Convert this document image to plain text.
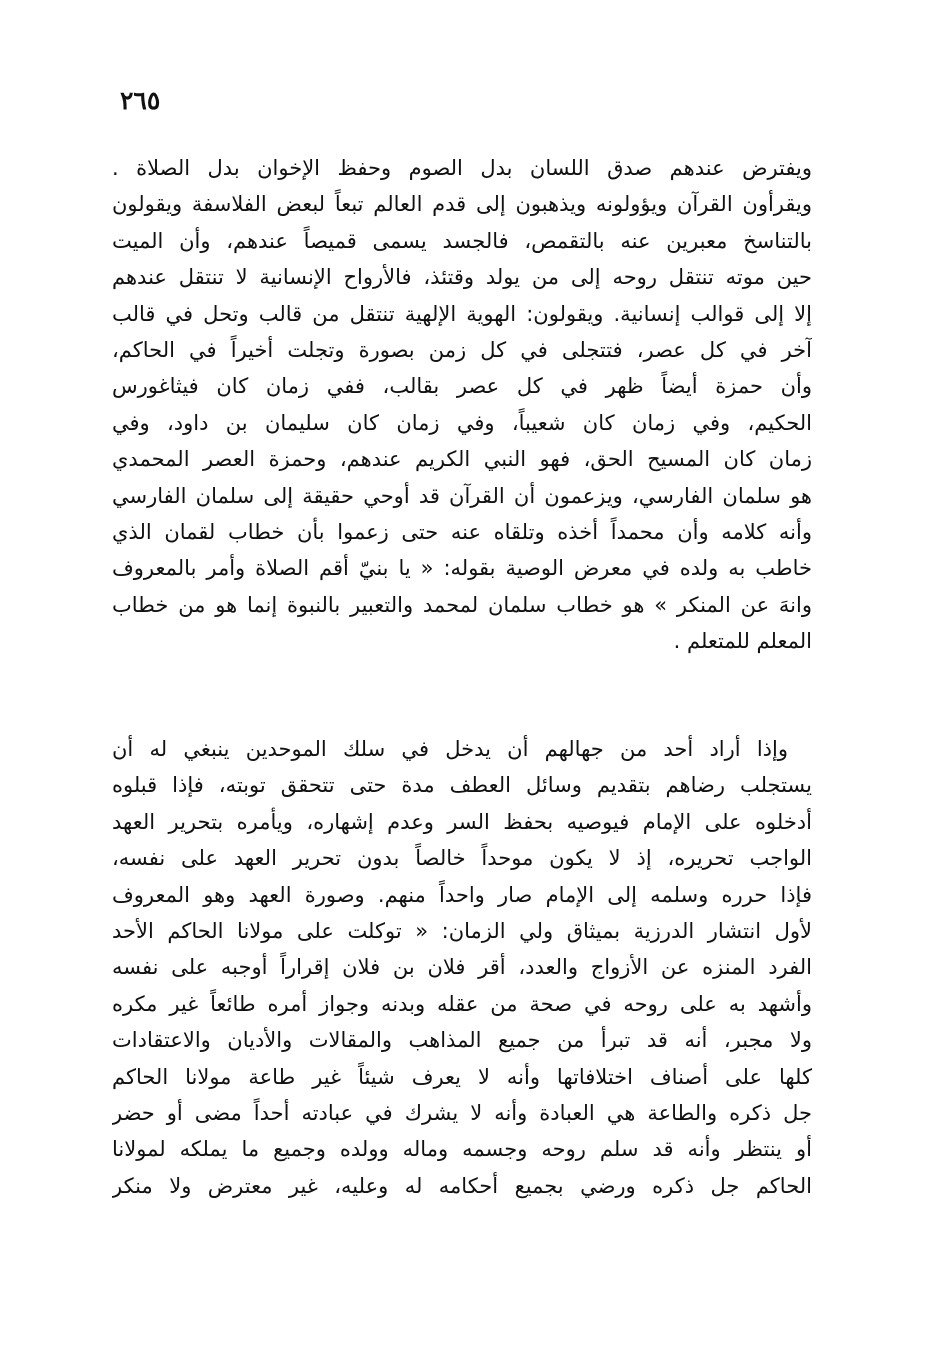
٢٦٥
ويفترض عندهم صدق اللسان بدل الصوم وحفظ الإخوان بدل الصلاة .
ويقرأون القرآن ويؤولونه ويذهبون إلى قدم العالم تبعاً لبعض الفلاسفة ويقولون
بالتناسخ معبرين عنه بالتقمص، فالجسد يسمى قميصاً عندهم، وأن الميت
حين موته تنتقل روحه إلى من يولد وقتئذ، فالأرواح الإنسانية لا تنتقل عندهم
إلا إلى قوالب إنسانية. ويقولون: الهوية الإلهية تنتقل من قالب وتحل في قالب
آخر في كل عصر، فتتجلى في كل زمن بصورة وتجلت أخيراً في الحاكم،
وأن حمزة أيضاً ظهر في كل عصر بقالب، ففي زمان كان فيثاغورس
الحكيم، وفي زمان كان شعيباً، وفي زمان كان سليمان بن داود، وفي
زمان كان المسيح الحق، فهو النبي الكريم عندهم، وحمزة العصر المحمدي
هو سلمان الفارسي، ويزعمون أن القرآن قد أوحي حقيقة إلى سلمان الفارسي
وأنه كلامه وأن محمداً أخذه وتلقاه عنه حتى زعموا بأن خطاب لقمان الذي
خاطب به ولده في معرض الوصية بقوله: « يا بنيّ أقم الصلاة وأمر بالمعروف
وانهَ عن المنكر » هو خطاب سلمان لمحمد والتعبير بالنبوة إنما هو من خطاب
المعلم للمتعلم .
وإذا أراد أحد من جهالهم أن يدخل في سلك الموحدين ينبغي له أن
يستجلب رضاهم بتقديم وسائل العطف مدة حتى تتحقق توبته، فإذا قبلوه
أدخلوه على الإمام فيوصيه بحفظ السر وعدم إشهاره، ويأمره بتحرير العهد
الواجب تحريره، إذ لا يكون موحداً خالصاً بدون تحرير العهد على نفسه،
فإذا حرره وسلمه إلى الإمام صار واحداً منهم. وصورة العهد وهو المعروف
لأول انتشار الدرزية بميثاق ولي الزمان: « توكلت على مولانا الحاكم الأحد
الفرد المنزه عن الأزواج والعدد، أقر فلان بن فلان إقراراً أوجبه على نفسه
وأشهد به على روحه في صحة من عقله وبدنه وجواز أمره طائعاً غير مكره
ولا مجبر، أنه قد تبرأ من جميع المذاهب والمقالات والأديان والاعتقادات
كلها على أصناف اختلافاتها وأنه لا يعرف شيئاً غير طاعة مولانا الحاكم
جل ذكره والطاعة هي العبادة وأنه لا يشرك في عبادته أحداً مضى أو حضر
أو ينتظر وأنه قد سلم روحه وجسمه وماله وولده وجميع ما يملكه لمولانا
الحاكم جل ذكره ورضي بجميع أحكامه له وعليه، غير معترض ولا منكر
